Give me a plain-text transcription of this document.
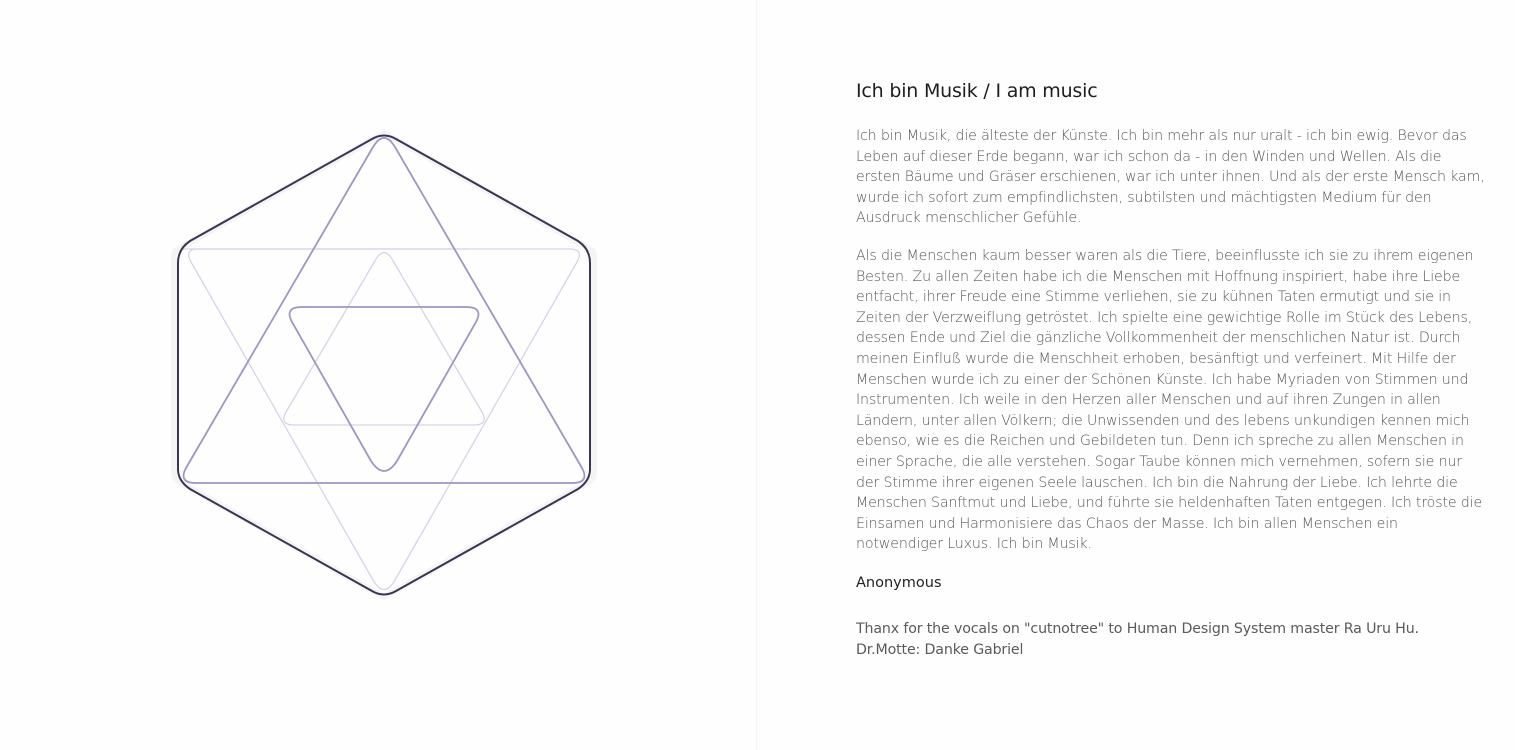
Ich bin Musik / I am music

Ich bin Musik, die älteste der Künste. Ich bin mehr als nur uralt - ich bin ewig. Bevor das Leben auf dieser Erde begann, war ich schon da - in den Winden und Wellen. Als die ersten Bäume und Gräser erschienen, war ich unter ihnen. Und als der erste Mensch kam, wurde ich sofort zum empfindlichsten, subtilsten und mächtigsten Medium für den Ausdruck menschlicher Gefühle.

Als die Menschen kaum besser waren als die Tiere, beeinflusste ich sie zu ihrem eigenen Besten. Zu allen Zeiten habe ich die Menschen mit Hoffnung inspiriert, habe ihre Liebe entfacht, ihrer Freude eine Stimme verliehen, sie zu kühnen Taten ermutigt und sie in Zeiten der Verzweiflung getröstet. Ich spielte eine gewichtige Rolle im Stück des Lebens, dessen Ende und Ziel die gänzliche Vollkommenheit der menschlichen Natur ist. Durch meinen Einfluß wurde die Menschheit erhoben, besänftigt und verfeinert. Mit Hilfe der Menschen wurde ich zu einer der Schönen Künste. Ich habe Myriaden von Stimmen und Instrumenten. Ich weile in den Herzen aller Menschen und auf ihren Zungen in allen Ländern, unter allen Völkern; die Unwissenden und des lebens unkundigen kennen mich ebenso, wie es die Reichen und Gebildeten tun. Denn ich spreche zu allen Menschen in einer Sprache, die alle verstehen. Sogar Taube können mich vernehmen, sofern sie nur der Stimme ihrer eigenen Seele lauschen. Ich bin die Nahrung der Liebe. Ich lehrte die Menschen Sanftmut und Liebe, und führte sie heldenhaften Taten entgegen. Ich tröste die Einsamen und Harmonisiere das Chaos der Masse. Ich bin allen Menschen ein notwendiger Luxus. Ich bin Musik.

Anonymous
Thanx for the vocals on "cutnotree" to Human Design System master Ra Uru Hu.
Dr.Motte: Danke Gabriel
